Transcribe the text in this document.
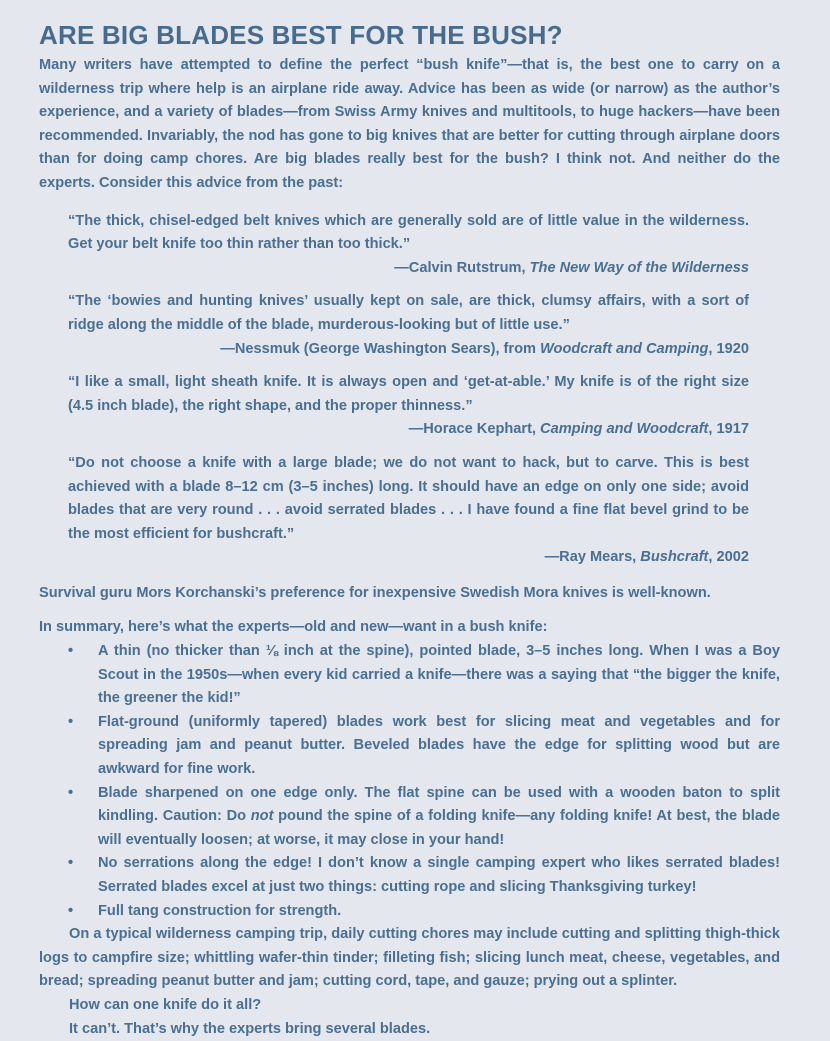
ARE BIG BLADES BEST FOR THE BUSH?

Many writers have attempted to define the perfect “bush knife”—that is, the best one to carry on a wilderness trip where help is an airplane ride away. Advice has been as wide (or narrow) as the author’s experience, and a variety of blades—from Swiss Army knives and multitools, to huge hackers—have been recommended. Invariably, the nod has gone to big knives that are better for cutting through airplane doors than for doing camp chores. Are big blades really best for the bush? I think not. And neither do the experts. Consider this advice from the past:

“The thick, chisel-edged belt knives which are generally sold are of little value in the wilderness. Get your belt knife too thin rather than too thick.”

—Calvin Rutstrum, The New Way of the Wilderness

“The ‘bowies and hunting knives’ usually kept on sale, are thick, clumsy affairs, with a sort of ridge along the middle of the blade, murderous-looking but of little use.”

—Nessmuk (George Washington Sears), from Woodcraft and Camping, 1920

“I like a small, light sheath knife. It is always open and ‘get-at-able.’ My knife is of the right size (4.5 inch blade), the right shape, and the proper thinness.”

—Horace Kephart, Camping and Woodcraft, 1917

“Do not choose a knife with a large blade; we do not want to hack, but to carve. This is best achieved with a blade 8–12 cm (3–5 inches) long. It should have an edge on only one side; avoid blades that are very round . . . avoid serrated blades . . . I have found a fine flat bevel grind to be the most efficient for bushcraft.”

—Ray Mears, Bushcraft, 2002

Survival guru Mors Korchanski’s preference for inexpensive Swedish Mora knives is well-known.

In summary, here’s what the experts—old and new—want in a bush knife:

• A thin (no thicker than ⅛ inch at the spine), pointed blade, 3–5 inches long. When I was a Boy Scout in the 1950s—when every kid carried a knife—there was a saying that “the bigger the knife, the greener the kid!”
• Flat-ground (uniformly tapered) blades work best for slicing meat and vegetables and for spreading jam and peanut butter. Beveled blades have the edge for splitting wood but are awkward for fine work.
• Blade sharpened on one edge only. The flat spine can be used with a wooden baton to split kindling. Caution: Do not pound the spine of a folding knife—any folding knife! At best, the blade will eventually loosen; at worse, it may close in your hand!
• No serrations along the edge! I don’t know a single camping expert who likes serrated blades! Serrated blades excel at just two things: cutting rope and slicing Thanksgiving turkey!
• Full tang construction for strength.

On a typical wilderness camping trip, daily cutting chores may include cutting and splitting thigh-thick logs to campfire size; whittling wafer-thin tinder; filleting fish; slicing lunch meat, cheese, vegetables, and bread; spreading peanut butter and jam; cutting cord, tape, and gauze; prying out a splinter.

How can one knife do it all?

It can’t. That’s why the experts bring several blades.
